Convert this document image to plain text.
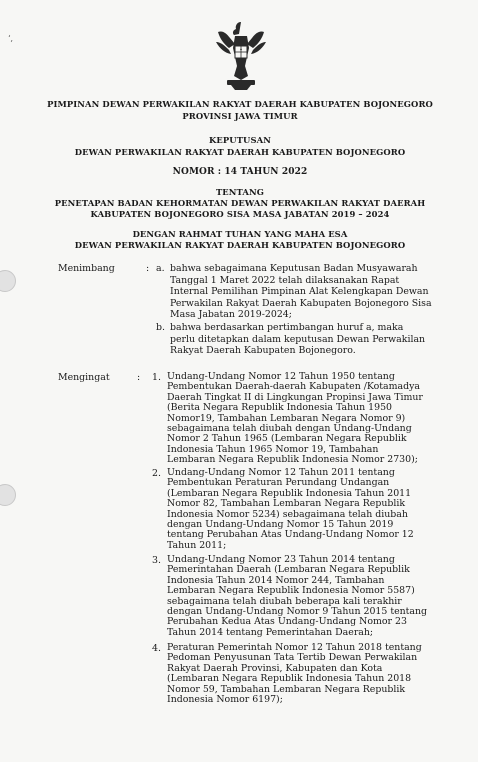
ʻ,
PIMPINAN DEWAN PERWAKILAN RAKYAT DAERAH KABUPATEN BOJONEGORO
PROVINSI JAWA TIMUR
KEPUTUSAN
DEWAN PERWAKILAN RAKYAT DAERAH KABUPATEN BOJONEGORO
NOMOR : 14 TAHUN 2022
TENTANG
PENETAPAN BADAN KEHORMATAN DEWAN PERWAKILAN RAKYAT DAERAH
KABUPATEN BOJONEGORO SISA MASA JABATAN 2019 – 2024
DENGAN RAHMAT TUHAN YANG MAHA ESA
DEWAN PERWAKILAN RAKYAT DAERAH KABUPATEN BOJONEGORO
Menimbang	: a. bahwa sebagaimana Keputusan Badan Musyawarah
Tanggal 1 Maret 2022 telah dilaksanakan Rapat
Internal Pemilihan Pimpinan Alat Kelengkapan Dewan
Perwakilan Rakyat Daerah Kabupaten Bojonegoro Sisa
Masa Jabatan 2019-2024;
b. bahwa berdasarkan pertimbangan huruf a, maka
perlu ditetapkan dalam keputusan Dewan Perwakilan
Rakyat Daerah Kabupaten Bojonegoro.
Mengingat	: 1. Undang-Undang Nomor 12 Tahun 1950 tentang
Pembentukan Daerah-daerah Kabupaten /Kotamadya
Daerah Tingkat II di Lingkungan Propinsi Jawa Timur
(Berita Negara Republik Indonesia Tahun 1950
Nomor19, Tambahan Lembaran Negara Nomor 9)
sebagaimana telah diubah dengan Undang-Undang
Nomor 2 Tahun 1965 (Lembaran Negara Republik
Indonesia Tahun 1965 Nomor 19, Tambahan
Lembaran Negara Republik Indonesia Nomor 2730);
2. Undang-Undang Nomor 12 Tahun 2011 tentang
Pembentukan Peraturan Perundang Undangan
(Lembaran Negara Republik Indonesia Tahun 2011
Nomor 82, Tambahan Lembaran Negara Republik
Indonesia Nomor 5234) sebagaimana telah diubah
dengan Undang-Undang Nomor 15 Tahun 2019
tentang Perubahan Atas Undang-Undang Nomor 12
Tahun 2011;
3. Undang-Undang Nomor 23 Tahun 2014 tentang
Pemerintahan Daerah (Lembaran Negara Republik
Indonesia Tahun 2014 Nomor 244, Tambahan
Lembaran Negara Republik Indonesia Nomor 5587)
sebagaimana telah diubah beberapa kali terakhir
dengan Undang-Undang Nomor 9 Tahun 2015 tentang
Perubahan Kedua Atas Undang-Undang Nomor 23
Tahun 2014 tentang Pemerintahan Daerah;
4. Peraturan Pemerintah Nomor 12 Tahun 2018 tentang
Pedoman Penyusunan Tata Tertib Dewan Perwakilan
Rakyat Daerah Provinsi, Kabupaten dan Kota
(Lembaran Negara Republik Indonesia Tahun 2018
Nomor 59, Tambahan Lembaran Negara Republik
Indonesia Nomor 6197);
